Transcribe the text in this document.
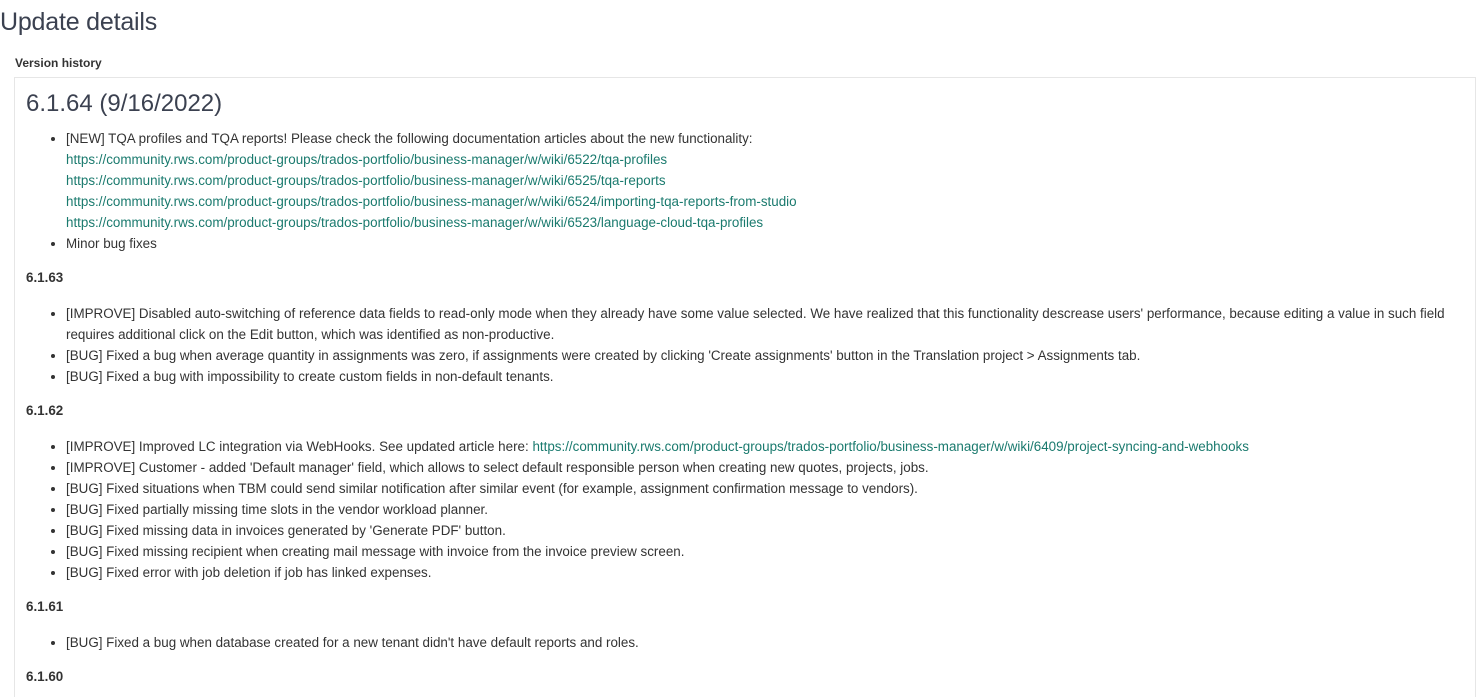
Update details
Version history
6.1.64 (9/16/2022)
• [NEW] TQA profiles and TQA reports! Please check the following documentation articles about the new functionality:
https://community.rws.com/product-groups/trados-portfolio/business-manager/w/wiki/6522/tqa-profiles
https://community.rws.com/product-groups/trados-portfolio/business-manager/w/wiki/6525/tqa-reports
https://community.rws.com/product-groups/trados-portfolio/business-manager/w/wiki/6524/importing-tqa-reports-from-studio
https://community.rws.com/product-groups/trados-portfolio/business-manager/w/wiki/6523/language-cloud-tqa-profiles
• Minor bug fixes
6.1.63
• [IMPROVE] Disabled auto-switching of reference data fields to read-only mode when they already have some value selected. We have realized that this functionality descrease users' performance, because editing a value in such field requires additional click on the Edit button, which was identified as non-productive.
• [BUG] Fixed a bug when average quantity in assignments was zero, if assignments were created by clicking 'Create assignments' button in the Translation project > Assignments tab.
• [BUG] Fixed a bug with impossibility to create custom fields in non-default tenants.
6.1.62
• [IMPROVE] Improved LC integration via WebHooks. See updated article here: https://community.rws.com/product-groups/trados-portfolio/business-manager/w/wiki/6409/project-syncing-and-webhooks
• [IMPROVE] Customer - added 'Default manager' field, which allows to select default responsible person when creating new quotes, projects, jobs.
• [BUG] Fixed situations when TBM could send similar notification after similar event (for example, assignment confirmation message to vendors).
• [BUG] Fixed partially missing time slots in the vendor workload planner.
• [BUG] Fixed missing data in invoices generated by 'Generate PDF' button.
• [BUG] Fixed missing recipient when creating mail message with invoice from the invoice preview screen.
• [BUG] Fixed error with job deletion if job has linked expenses.
6.1.61
• [BUG] Fixed a bug when database created for a new tenant didn't have default reports and roles.
6.1.60
